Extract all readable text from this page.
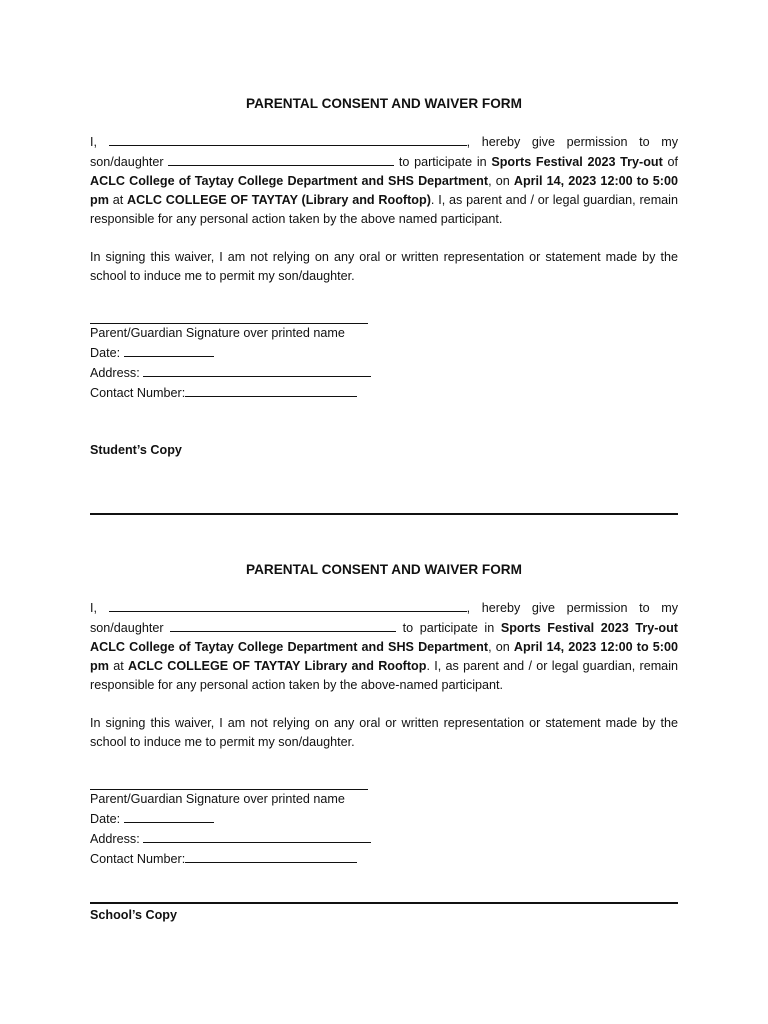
PARENTAL CONSENT AND WAIVER FORM

I,	, hereby give permission to my son/daughter	to participate in Sports Festival 2023 Try-out of ACLC College of Taytay College Department and SHS Department, on April 14, 2023 12:00 to 5:00 pm at ACLC COLLEGE OF TAYTAY (Library and Rooftop). I, as parent and / or legal guardian, remain responsible for any personal action taken by the above named participant.

In signing this waiver, I am not relying on any oral or written representation or statement made by the school to induce me to permit my son/daughter.

Parent/Guardian Signature over printed name
Date:
Address:
Contact Number:

Student’s Copy

PARENTAL CONSENT AND WAIVER FORM

I,	, hereby give permission to my son/daughter	to participate in Sports Festival 2023 Try-out ACLC College of Taytay College Department and SHS Department, on April 14, 2023 12:00 to 5:00 pm at ACLC COLLEGE OF TAYTAY Library and Rooftop. I, as parent and / or legal guardian, remain responsible for any personal action taken by the above-named participant.

In signing this waiver, I am not relying on any oral or written representation or statement made by the school to induce me to permit my son/daughter.

Parent/Guardian Signature over printed name
Date:
Address:
Contact Number:
School’s Copy
